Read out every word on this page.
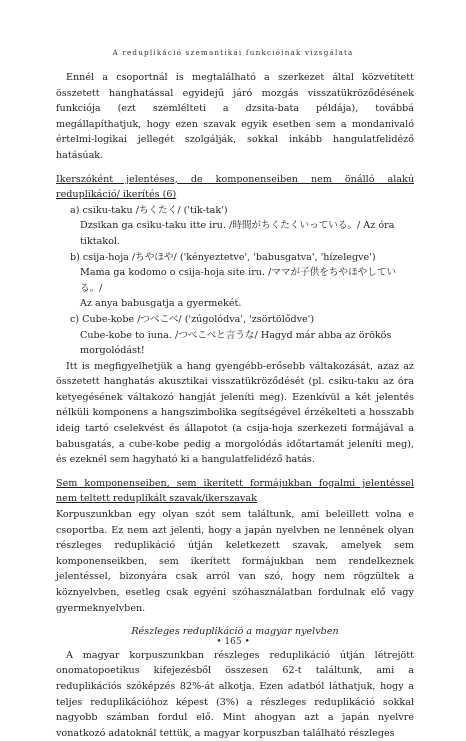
A reduplikáció szemantikai funkcióinak vizsgálata

Ennél a csoportnál is megtalálható a szerkezet által közvetített összetett hanghatással egyidejű járó mozgás visszatükröződésének funkciója (ezt szemlélteti a dzsita-bata példája), továbbá megállapíthatjuk, hogy ezen szavak egyik esetben sem a mondanivaló értelmi-logikai jellegét szolgálják, sokkal inkább hangulatfelidéző hatásúak.

Ikerszóként jelentéses, de komponenseiben nem önálló alakú reduplikáció/ ikerítés (6)

a) csiku-taku /ちくたく/ ('tik-tak')

Dzsikan ga csiku-taku itte iru. /時間がちくたくいっている。/ Az óra tiktakol.

b) csija-hoja /ちやほや/ ('kényeztetve', 'babusgatva', 'hízelegve')

Mama ga kodomo o csija-hoja site iru. /ママが子供をちやほやしている。/

Az anya babusgatja a gyermekét.

c) Cube-kobe /つべこべ/ ('zúgolódva', 'zsörtölődve')

Cube-kobe to iuna. /つべこべと言うな/ Hagyd már abba az örökös morgolódást!

Itt is megfigyelhetjük a hang gyengébb-erősebb váltakozását, azaz az összetett hanghatás akusztikai visszatükröződését (pl. csiku-taku az óra ketyegésének váltakozó hangját jeleníti meg). Ezenkívül a két jelentés nélküli komponens a hangszimbolika segítségével érzékelteti a hosszabb ideig tartó cselekvést és állapotot (a csija-hoja szerkezeti formájával a babusgatás, a cube-kobe pedig a morgolódás időtartamát jeleníti meg), és ezeknél sem hagyható ki a hangulatfelidéző hatás.

Sem komponenseiben, sem ikerített formájukban fogalmi jelentéssel nem teltett reduplikált szavak/ikerszavak

Korpuszunkban egy olyan szót sem találtunk, ami beleillett volna e csoportba. Ez nem azt jelenti, hogy a japán nyelvben ne lennének olyan részleges reduplikáció útján keletkezett szavak, amelyek sem komponenseikben, sem ikerített formájukban nem rendelkeznek jelentéssel, bizonyára csak arról van szó, hogy nem rögzültek a köznyelvben, esetleg csak egyéni szóhasználatban fordulnak elő vagy gyermeknyelvben.

Részleges reduplikáció a magyar nyelvben

A magyar korpuszunkban részleges reduplikáció útján létrejött onomatopoetikus kifejezésből összesen 62-t találtunk, ami a reduplikációs szóképzés 82%-át alkotja. Ezen adatból láthatjuk, hogy a teljes reduplikációhoz képest (3%) a részleges reduplikáció sokkal nagyobb számban fordul elő. Mint ahogyan azt a japán nyelvre vonatkozó adatoknál tettük, a magyar korpuszban található részleges

• 165 •
